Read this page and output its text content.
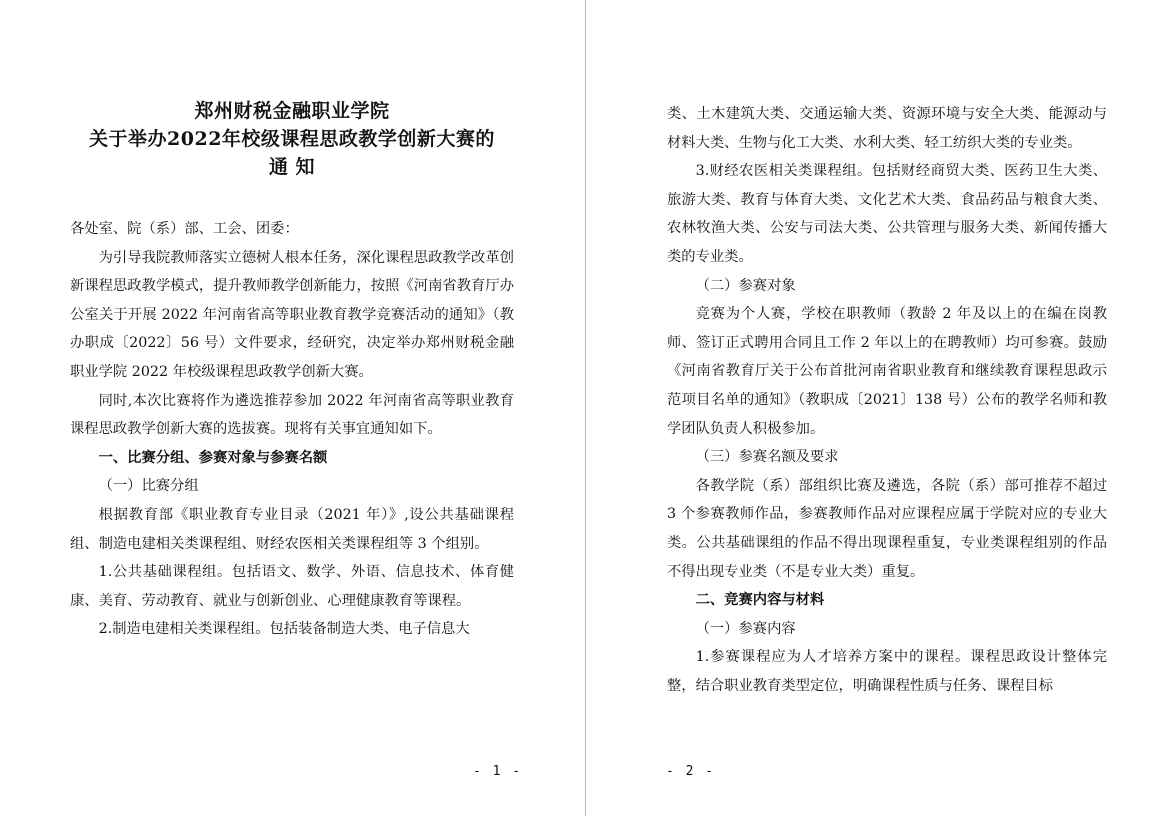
郑州财税金融职业学院

关于举办2022年校级课程思政教学创新大赛的

通 知

各处室、院（系）部、工会、团委：

为引导我院教师落实立德树人根本任务，深化课程思政教学改革创新课程思政教学模式，提升教师教学创新能力，按照《河南省教育厅办公室关于开展 2022 年河南省高等职业教育教学竞赛活动的通知》（教办职成〔2022〕56 号）文件要求，经研究，决定举办郑州财税金融职业学院 2022 年校级课程思政教学创新大赛。

同时,本次比赛将作为遴选推荐参加 2022 年河南省高等职业教育课程思政教学创新大赛的选拔赛。现将有关事宜通知如下。

一、比赛分组、参赛对象与参赛名额

（一）比赛分组

根据教育部《职业教育专业目录（2021 年）》,设公共基础课程组、制造电建相关类课程组、财经农医相关类课程组等 3 个组别。

1.公共基础课程组。包括语文、数学、外语、信息技术、体育健康、美育、劳动教育、就业与创新创业、心理健康教育等课程。

2.制造电建相关类课程组。包括装备制造大类、电子信息大

- 1 -

类、土木建筑大类、交通运输大类、资源环境与安全大类、能源动与材料大类、生物与化工大类、水利大类、轻工纺织大类的专业类。

3.财经农医相关类课程组。包括财经商贸大类、医药卫生大类、旅游大类、教育与体育大类、文化艺术大类、食品药品与粮食大类、农林牧渔大类、公安与司法大类、公共管理与服务大类、新闻传播大类的专业类。

（二）参赛对象

竞赛为个人赛，学校在职教师（教龄 2 年及以上的在编在岗教师、签订正式聘用合同且工作 2 年以上的在聘教师）均可参赛。鼓励《河南省教育厅关于公布首批河南省职业教育和继续教育课程思政示范项目名单的通知》（教职成〔2021〕138 号）公布的教学名师和教学团队负责人积极参加。

（三）参赛名额及要求

各教学院（系）部组织比赛及遴选，各院（系）部可推荐不超过 3 个参赛教师作品，参赛教师作品对应课程应属于学院对应的专业大类。公共基础课组的作品不得出现课程重复，专业类课程组别的作品不得出现专业类（不是专业大类）重复。

二、竞赛内容与材料

（一）参赛内容

1.参赛课程应为人才培养方案中的课程。课程思政设计整体完整，结合职业教育类型定位，明确课程性质与任务、课程目标

- 2 -
